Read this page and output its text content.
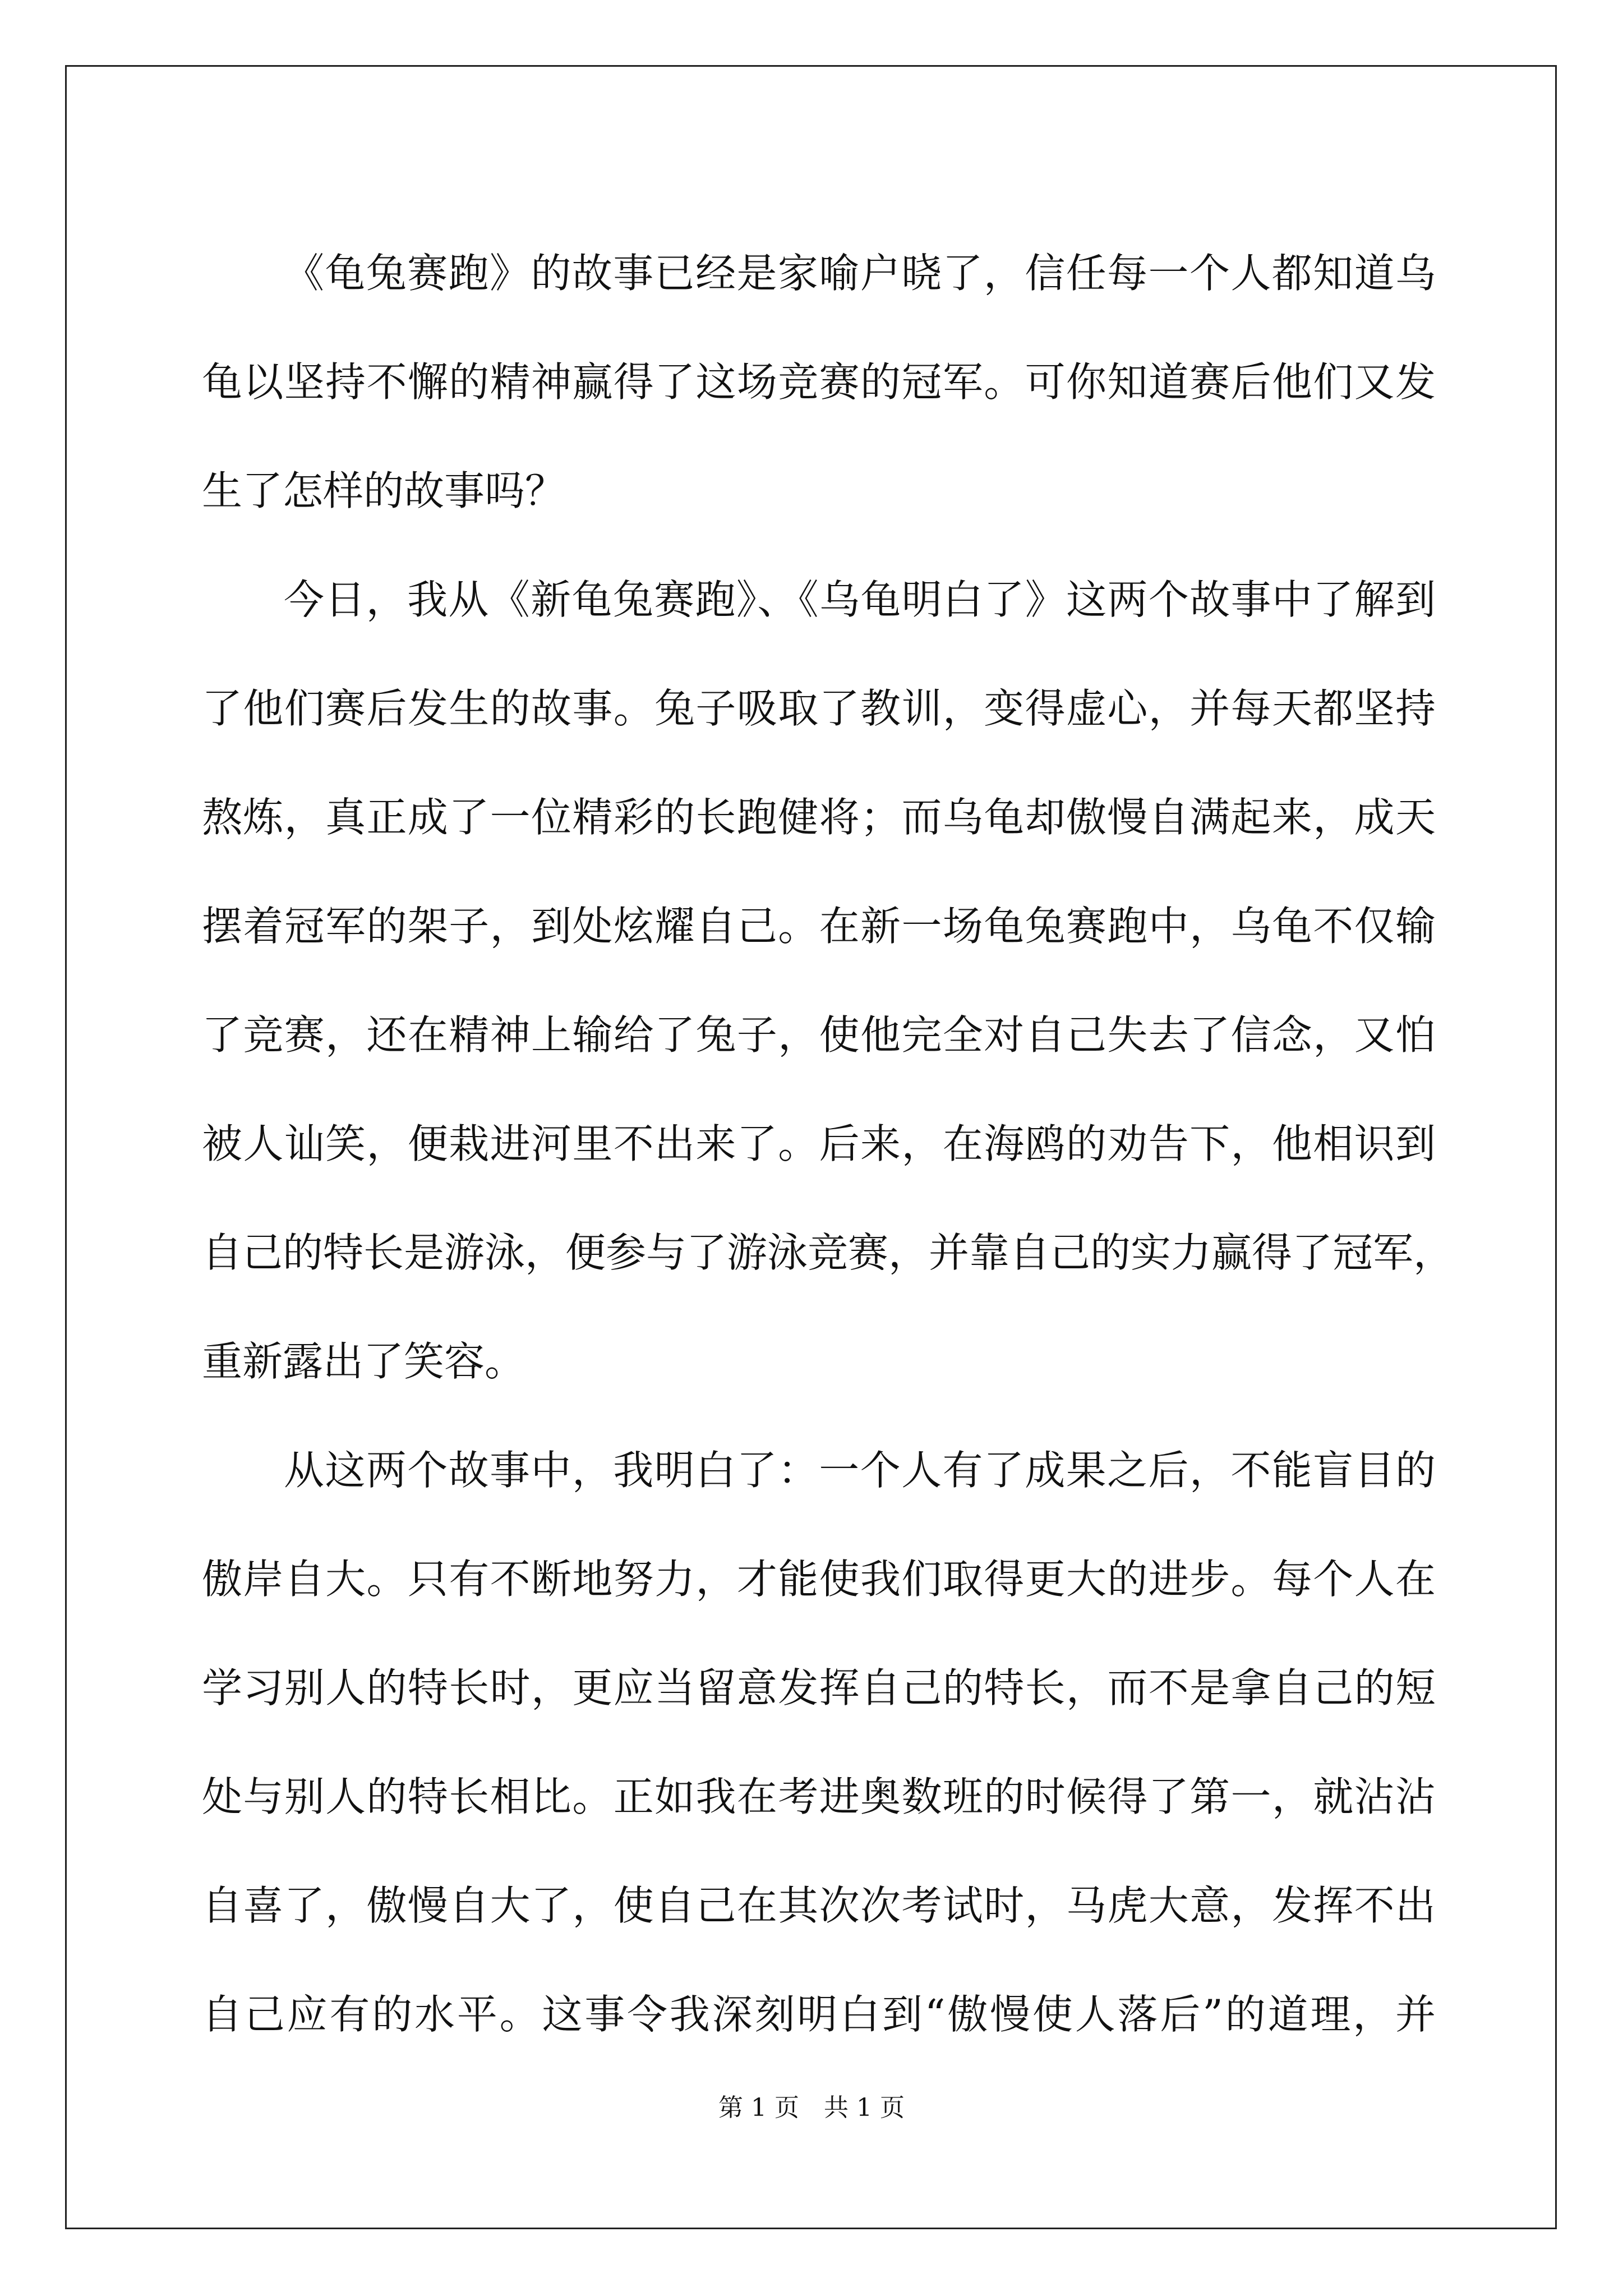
《龟兔赛跑》的故事已经是家喻户晓了，信任每一个人都知道乌
龟以坚持不懈的精神赢得了这场竞赛的冠军。可你知道赛后他们又发
生了怎样的故事吗？
今日，我从《新龟兔赛跑》、《乌龟明白了》这两个故事中了解到
了他们赛后发生的故事。兔子吸取了教训，变得虚心，并每天都坚持
熬炼，真正成了一位精彩的长跑健将；而乌龟却傲慢自满起来，成天
摆着冠军的架子，到处炫耀自己。在新一场龟兔赛跑中，乌龟不仅输
了竞赛，还在精神上输给了兔子，使他完全对自己失去了信念，又怕
被人讪笑，便栽进河里不出来了。后来，在海鸥的劝告下，他相识到
自己的特长是游泳，便参与了游泳竞赛，并靠自己的实力赢得了冠军，
重新露出了笑容。
从这两个故事中，我明白了：一个人有了成果之后，不能盲目的
傲岸自大。只有不断地努力，才能使我们取得更大的进步。每个人在
学习别人的特长时，更应当留意发挥自己的特长，而不是拿自己的短
处与别人的特长相比。正如我在考进奥数班的时候得了第一，就沾沾
自喜了，傲慢自大了，使自己在其次次考试时，马虎大意，发挥不出
自己应有的水平。这事令我深刻明白到“傲慢使人落后”的道理，并
第 1 页　共 1 页
